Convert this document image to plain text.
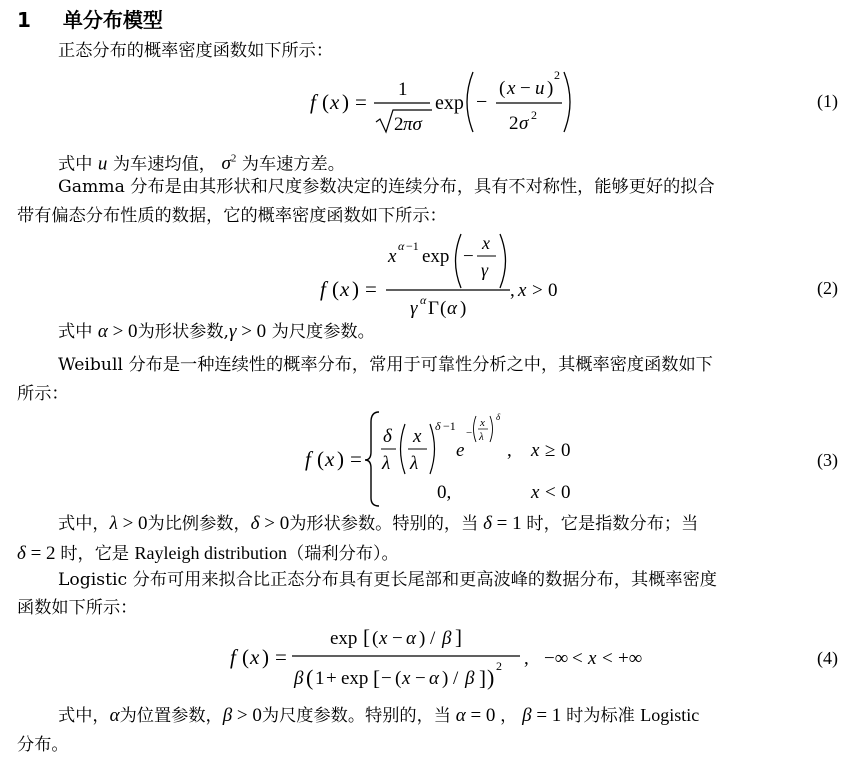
1 单分布模型
正态分布的概率密度函数如下所示：
f ( x ) =
1
2 πσ
exp −
( x − u )
2
2 σ 2
(1)
式中 u 为车速均值， $\sigma^2$ 为车速方差。
Gamma 分布是由其形状和尺度参数决定的连续分布，具有不对称性，能够更好的拟合
带有偏态分布性质的数据，它的概率密度函数如下所示：
f ( x ) =
x α −1 exp −
x
γ
γ α Γ ( α )
, x > 0	(2)
式中 α > 0为形状参数,γ > 0 为尺度参数。
Weibull 分布是一种连续性的概率分布，常用于可靠性分析之中，其概率密度函数如下
所示：
f ( x ) =
δ
λ
x
λ
δ −1
e
−
x
λ
δ
, x ≥ 0
0,	x < 0
(3)
式中，λ > 0为比例参数，δ > 0为形状参数。特别的，当 δ = 1 时，它是指数分布；当
δ = 2 时，它是 Rayleigh distribution（瑞利分布）。
Logistic 分布可用来拟合比正态分布具有更长尾部和更高波峰的数据分布，其概率密度
函数如下所示：
f ( x ) =
exp [ ( x − α ) / β ]
β ( 1 + exp [ − ( x − α ) / β ] ) 2 , −∞ < x < +∞	(4)
式中，α为位置参数，β > 0为尺度参数。特别的，当 α = 0 ， β = 1 时为标准 Logistic
分布。
